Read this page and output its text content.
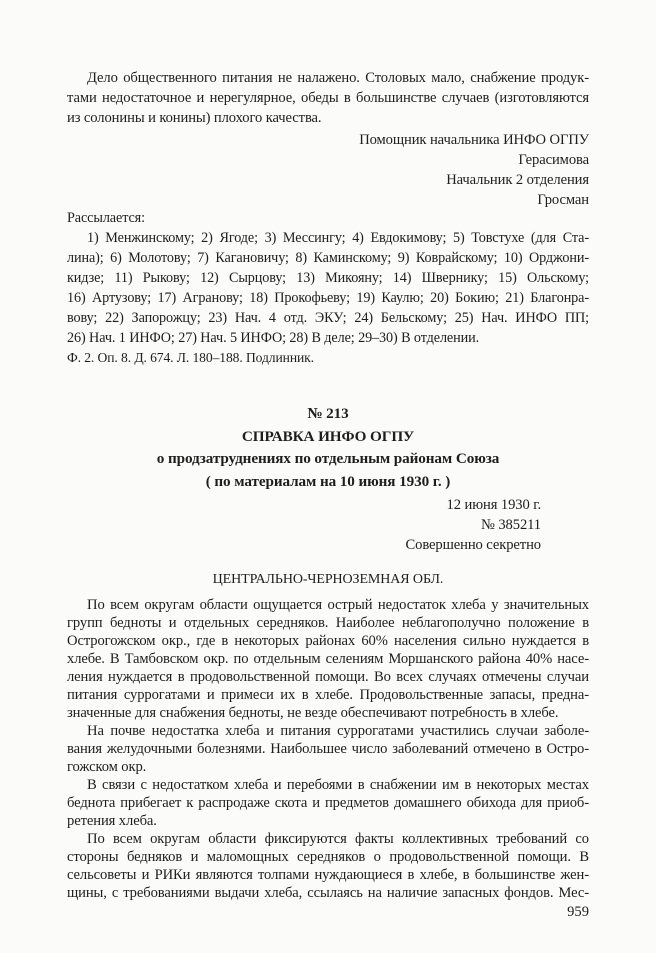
Дело общественного питания не налажено. Столовых мало, снабжение продук-
тами недостаточное и нерегулярное, обеды в большинстве случаев (изготовляются
из солонины и конины) плохого качества.
Помощник начальника ИНФО ОГПУ
Герасимова
Начальник 2 отделения
Гросман
Рассылается:
1) Менжинскому; 2) Ягоде; 3) Мессингу; 4) Евдокимову; 5) Товстухе (для Ста-
лина); 6) Молотову; 7) Кагановичу; 8) Каминскому; 9) Коврайскому; 10) Орджони-
кидзе; 11) Рыкову; 12) Сырцову; 13) Микояну; 14) Швернику; 15) Ольскому;
16) Артузову; 17) Агранову; 18) Прокофьеву; 19) Каулю; 20) Бокию; 21) Благонра-
вову; 22) Запорожцу; 23) Нач. 4 отд. ЭКУ; 24) Бельскому; 25) Нач. ИНФО ПП;
26) Нач. 1 ИНФО; 27) Нач. 5 ИНФО; 28) В деле; 29–30) В отделении.
Ф. 2. Оп. 8. Д. 674. Л. 180–188. Подлинник.
№ 213
СПРАВКА ИНФО ОГПУ
о продзатруднениях по отдельным районам Союза
( по материалам на 10 июня 1930 г. )
12 июня 1930 г.
№ 385211
Совершенно секретно
ЦЕНТРАЛЬНО-ЧЕРНОЗЕМНАЯ ОБЛ.
По всем округам области ощущается острый недостаток хлеба у значительных
групп бедноты и отдельных середняков. Наиболее неблагополучно положение в
Острогожском окр., где в некоторых районах 60% населения сильно нуждается в
хлебе. В Тамбовском окр. по отдельным селениям Моршанского района 40% насе-
ления нуждается в продовольственной помощи. Во всех случаях отмечены случаи
питания суррогатами и примеси их в хлебе. Продовольственные запасы, предна-
значенные для снабжения бедноты, не везде обеспечивают потребность в хлебе.
На почве недостатка хлеба и питания суррогатами участились случаи заболе-
вания желудочными болезнями. Наибольшее число заболеваний отмечено в Остро-
гожском окр.
В связи с недостатком хлеба и перебоями в снабжении им в некоторых местах
беднота прибегает к распродаже скота и предметов домашнего обихода для приоб-
ретения хлеба.
По всем округам области фиксируются факты коллективных требований со
стороны бедняков и маломощных середняков о продовольственной помощи. В
сельсоветы и РИКи являются толпами нуждающиеся в хлебе, в большинстве жен-
щины, с требованиями выдачи хлеба, ссылаясь на наличие запасных фондов. Мес-
959
